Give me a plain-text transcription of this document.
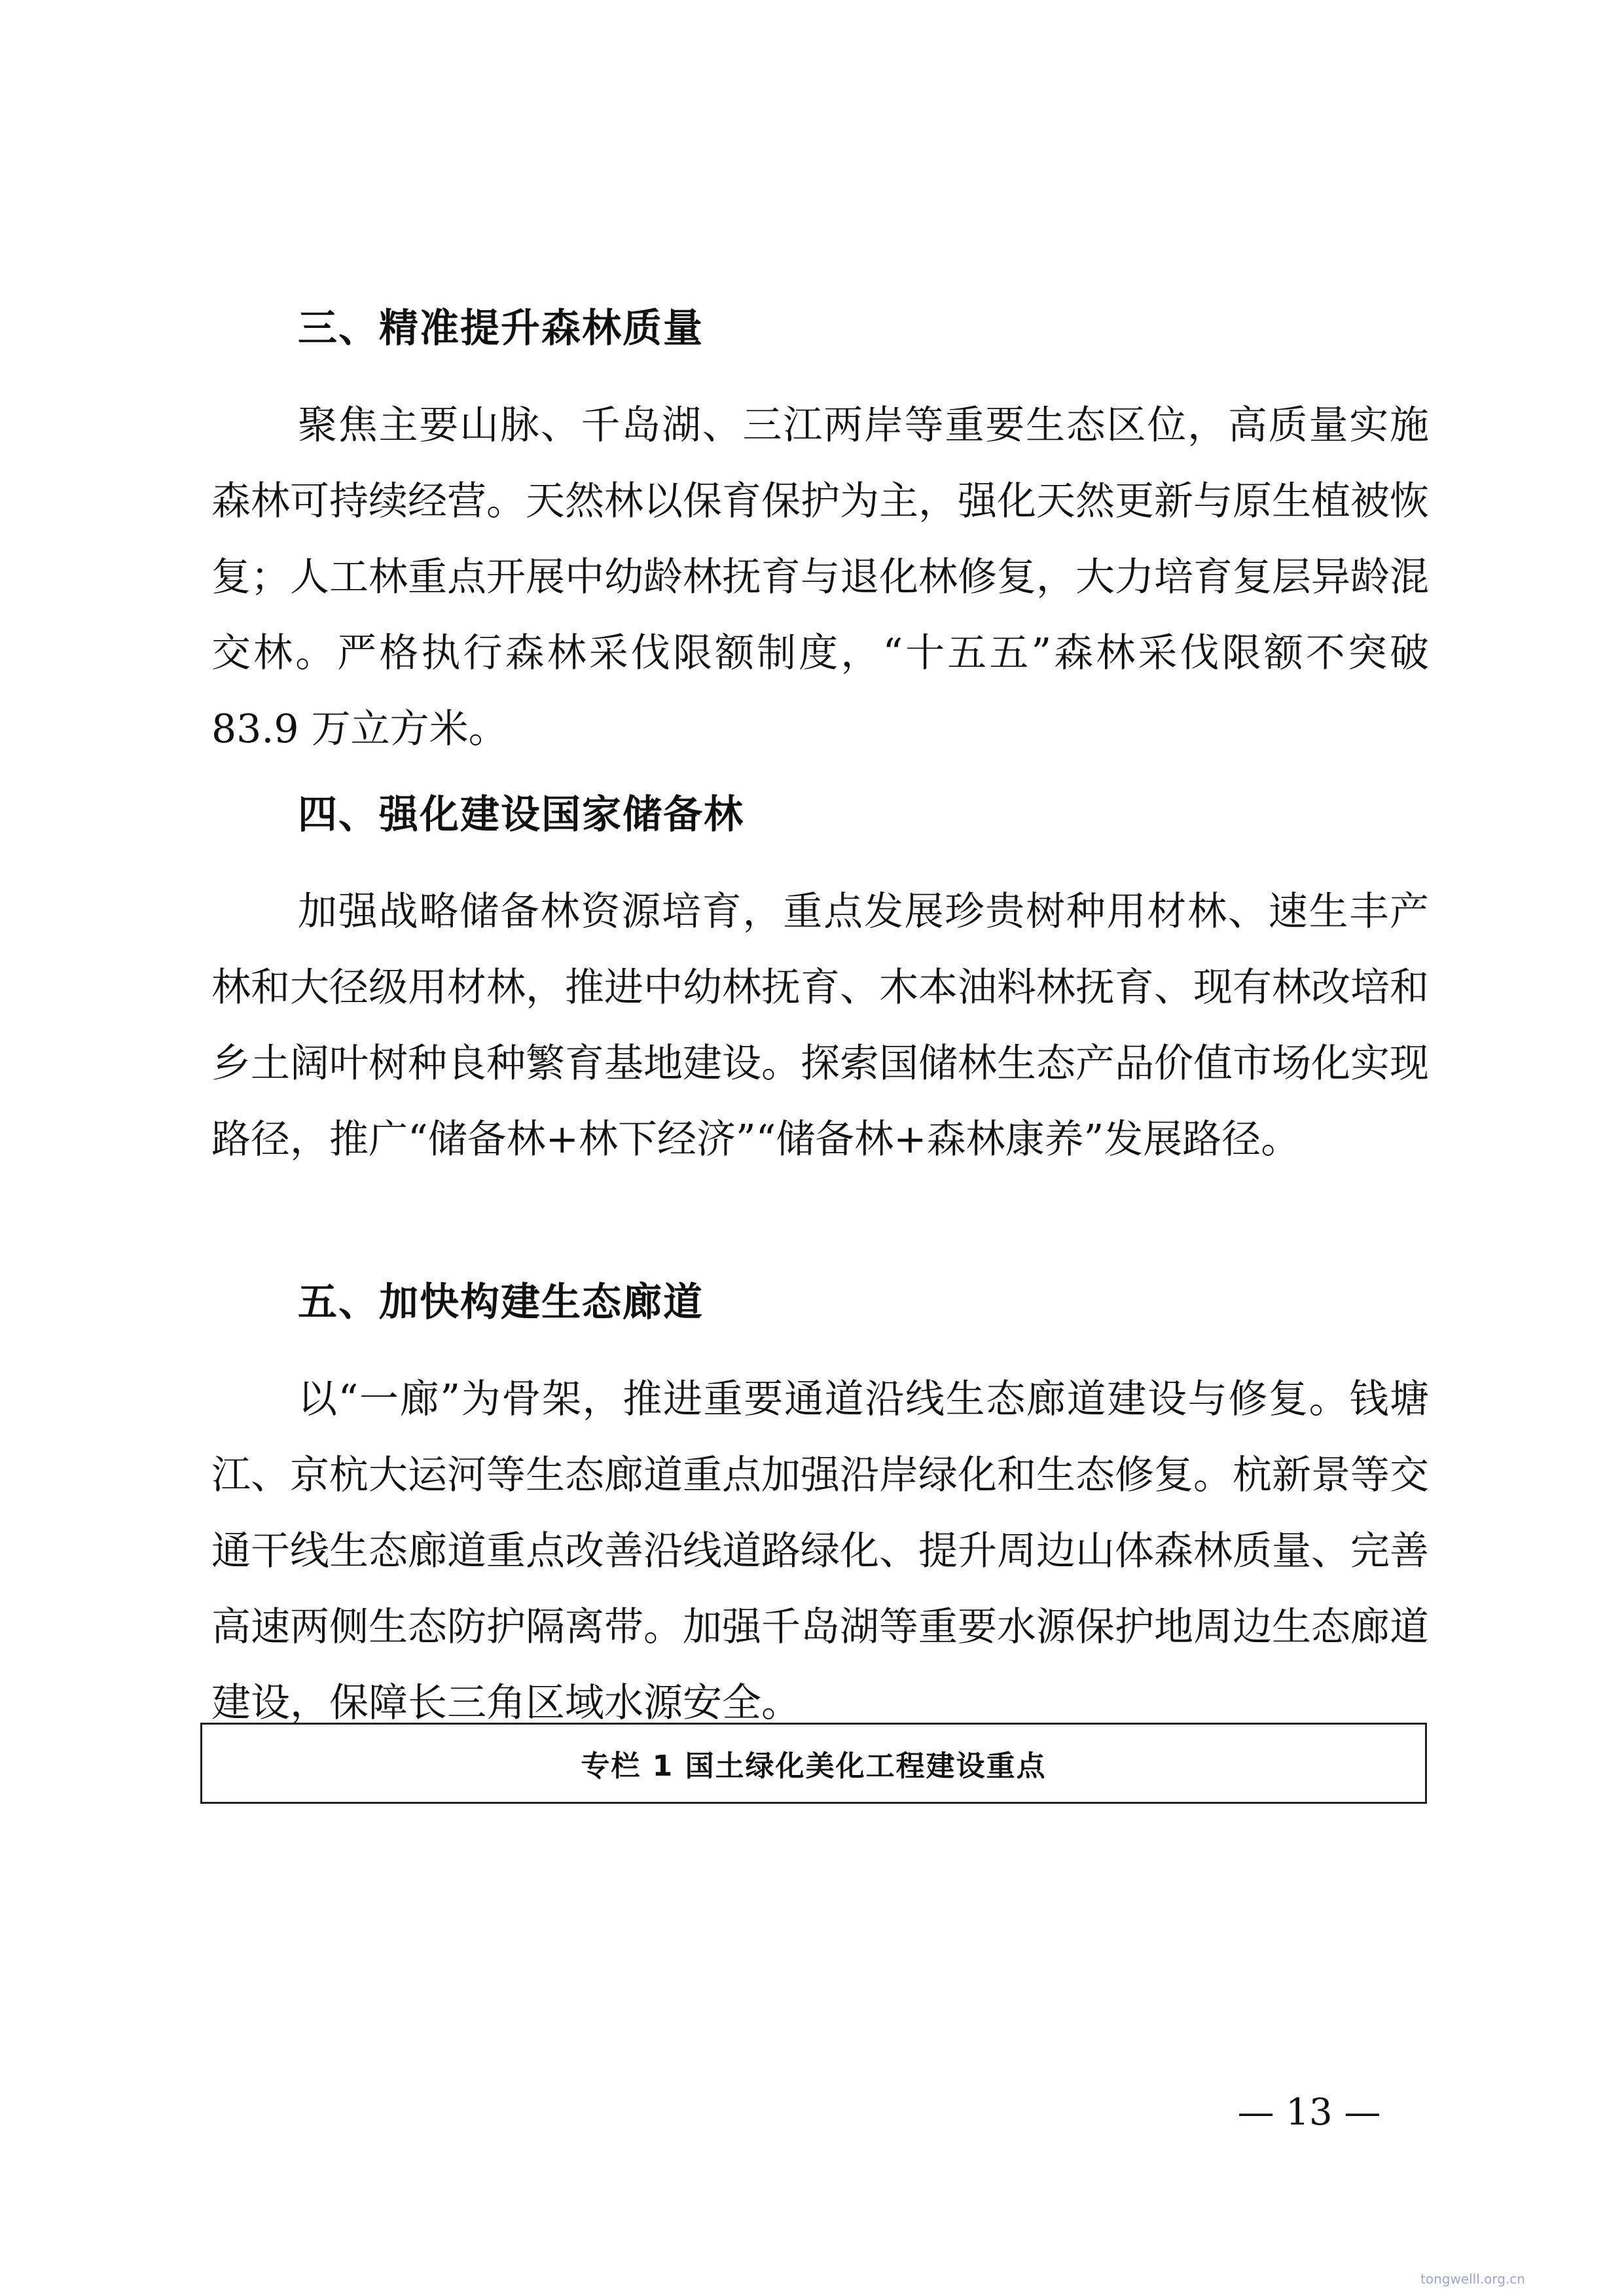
三、精准提升森林质量

聚焦主要山脉、千岛湖、三江两岸等重要生态区位，高质量实施森林可持续经营。天然林以保育保护为主，强化天然更新与原生植被恢复；人工林重点开展中幼龄林抚育与退化林修复，大力培育复层异龄混交林。严格执行森林采伐限额制度，“十五五”森林采伐限额不突破 83.9 万立方米。

四、强化建设国家储备林

加强战略储备林资源培育，重点发展珍贵树种用材林、速生丰产林和大径级用材林，推进中幼林抚育、木本油料林抚育、现有林改培和乡土阔叶树种良种繁育基地建设。探索国储林生态产品价值市场化实现路径，推广“储备林+林下经济”“储备林+森林康养”发展路径。

五、加快构建生态廊道

以“一廊”为骨架，推进重要通道沿线生态廊道建设与修复。钱塘江、京杭大运河等生态廊道重点加强沿岸绿化和生态修复。杭新景等交通干线生态廊道重点改善沿线道路绿化、提升周边山体森林质量、完善高速两侧生态防护隔离带。加强千岛湖等重要水源保护地周边生态廊道建设，保障长三角区域水源安全。

专栏 1 国土绿化美化工程建设重点
— 13 —
tongwelll.org.cn
